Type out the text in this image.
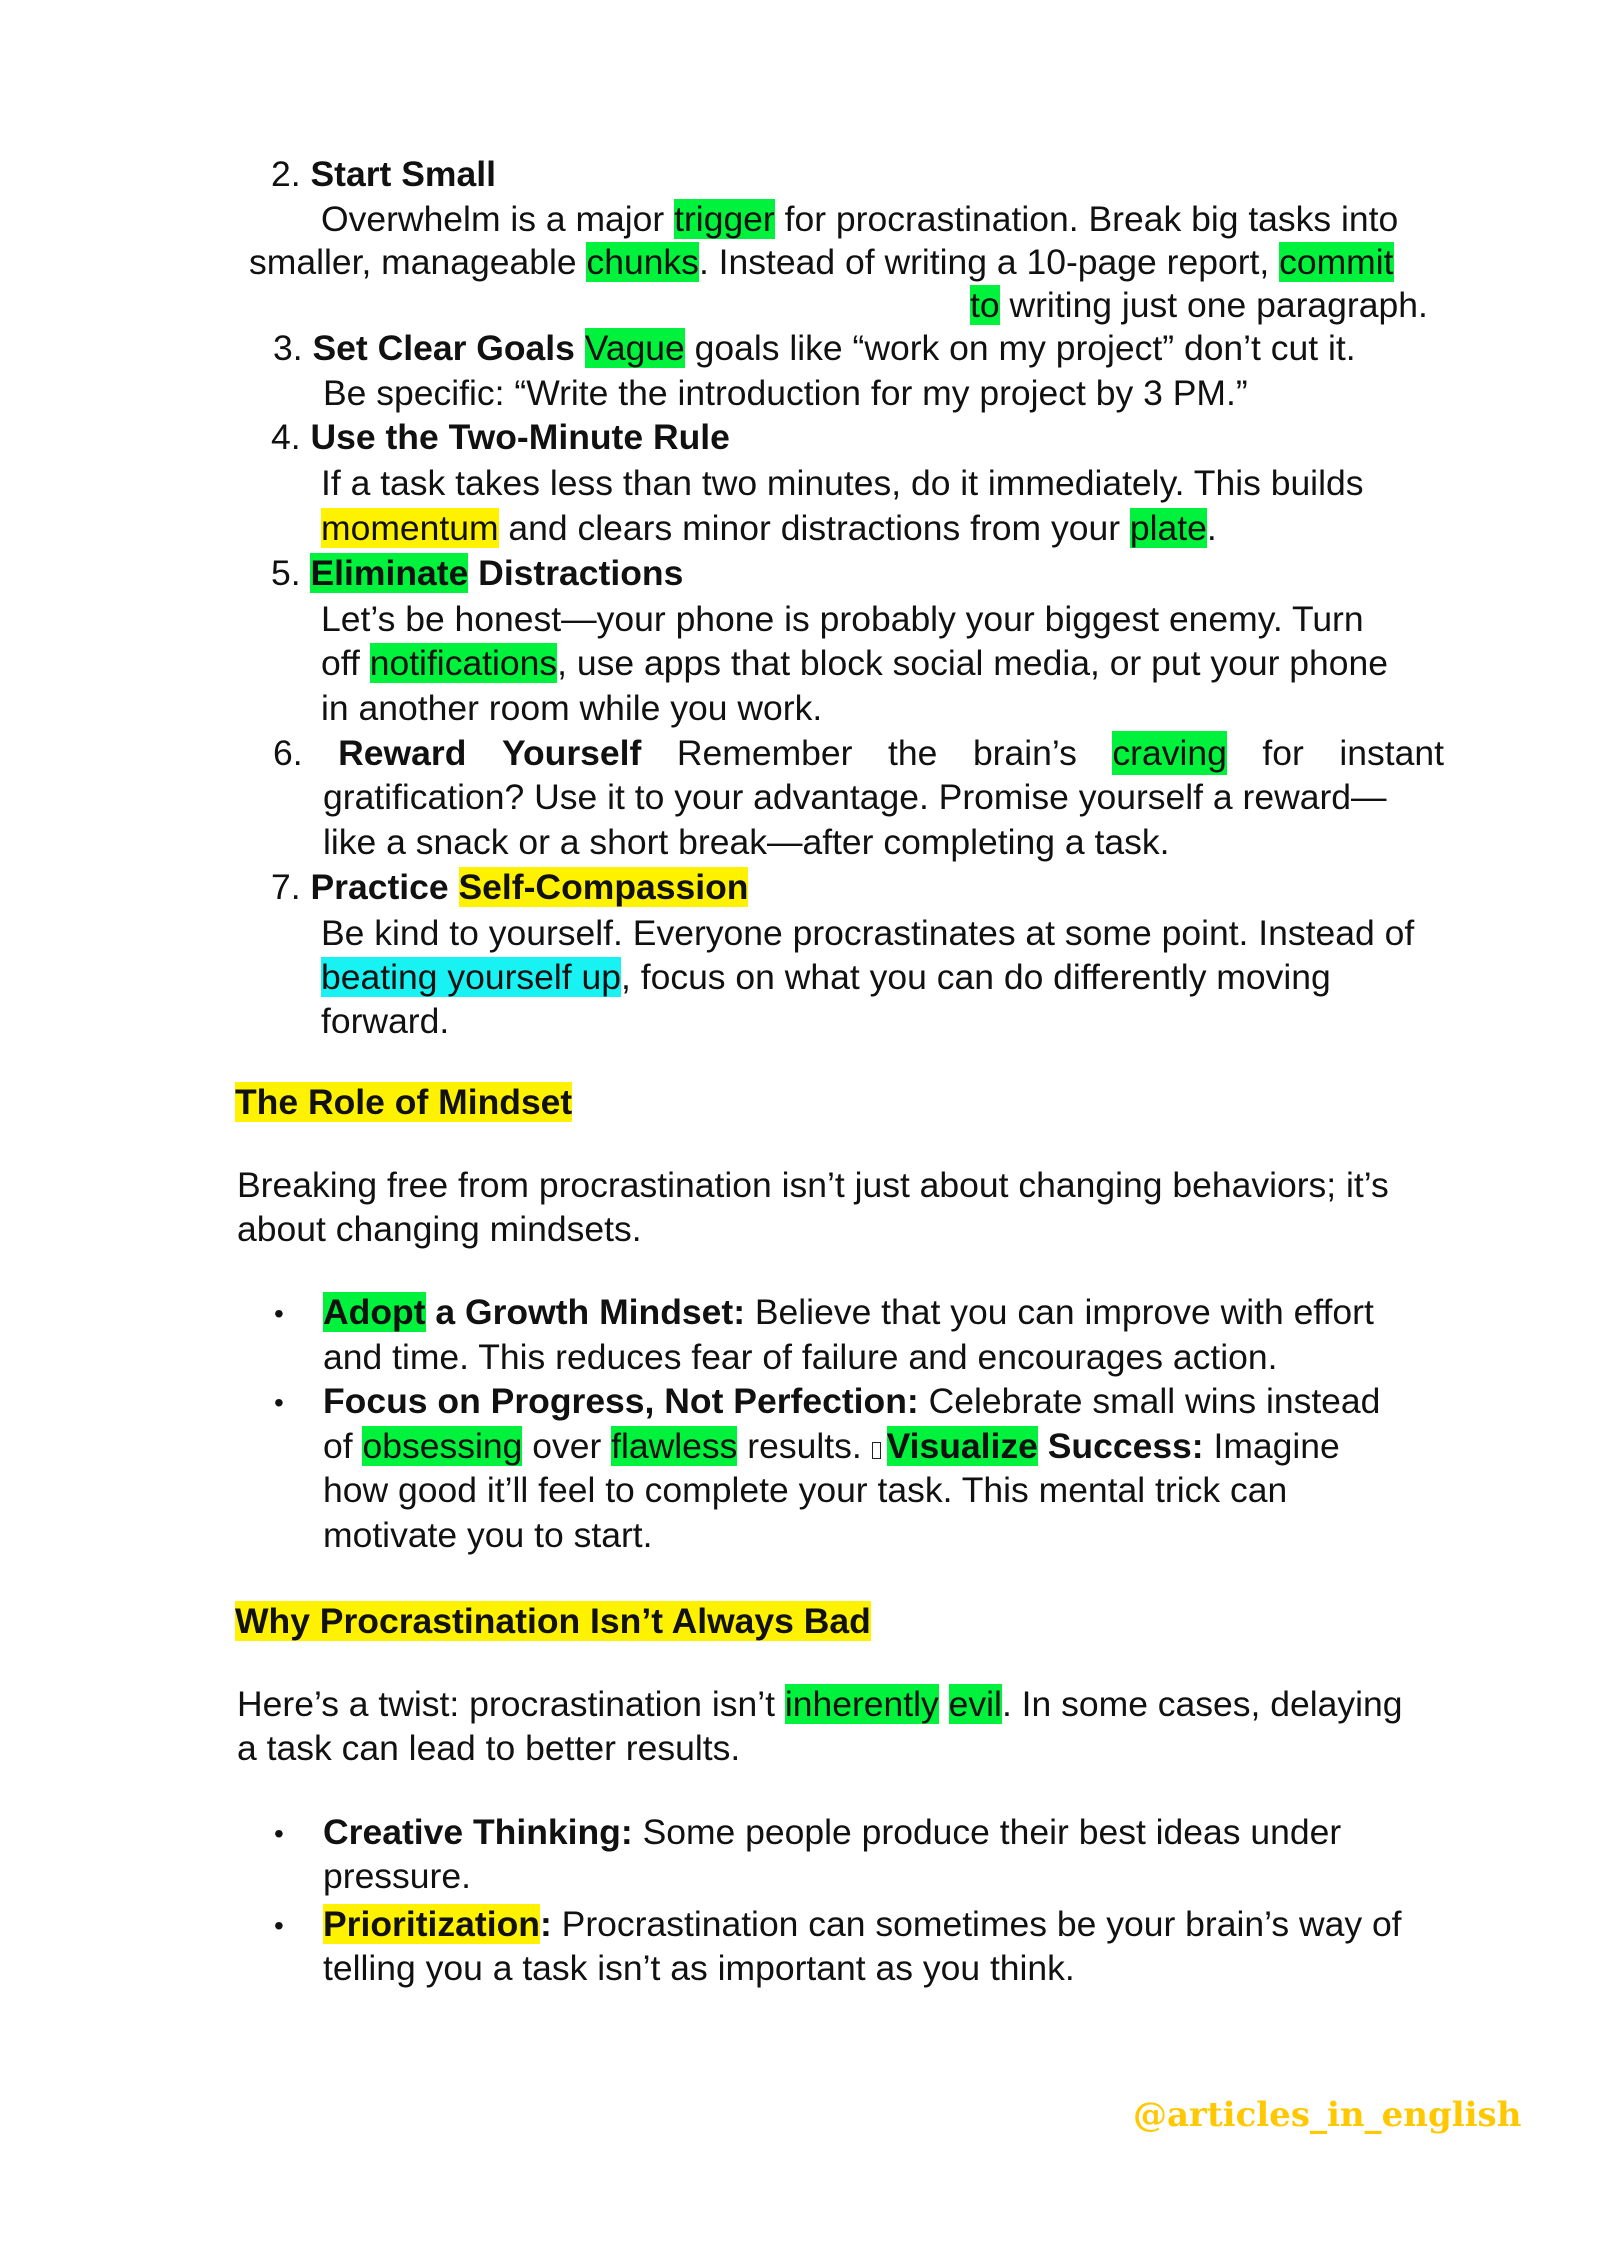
2. Start Small
Overwhelm is a major trigger for procrastination. Break big tasks into
smaller, manageable chunks. Instead of writing a 10-page report, commit
to writing just one paragraph.
3. Set Clear Goals Vague goals like “work on my project” don’t cut it.
Be specific: “Write the introduction for my project by 3 PM.”
4. Use the Two-Minute Rule
If a task takes less than two minutes, do it immediately. This builds
momentum and clears minor distractions from your plate.
5. Eliminate Distractions
Let’s be honest—your phone is probably your biggest enemy. Turn
off notifications, use apps that block social media, or put your phone
in another room while you work.
6. Reward Yourself Remember the brain’s craving for instant
gratification? Use it to your advantage. Promise yourself a reward—
like a snack or a short break—after completing a task.
7. Practice Self-Compassion
Be kind to yourself. Everyone procrastinates at some point. Instead of
beating yourself up, focus on what you can do differently moving
forward.
The Role of Mindset
Breaking free from procrastination isn’t just about changing behaviors; it’s
about changing mindsets.
• Adopt a Growth Mindset: Believe that you can improve with effort
and time. This reduces fear of failure and encourages action.
• Focus on Progress, Not Perfection: Celebrate small wins instead
of obsessing over flawless results. Visualize Success: Imagine
how good it’ll feel to complete your task. This mental trick can
motivate you to start.
Why Procrastination Isn’t Always Bad
Here’s a twist: procrastination isn’t inherently evil. In some cases, delaying
a task can lead to better results.
• Creative Thinking: Some people produce their best ideas under
pressure.
• Prioritization: Procrastination can sometimes be your brain’s way of
telling you a task isn’t as important as you think.
@articles_in_english
